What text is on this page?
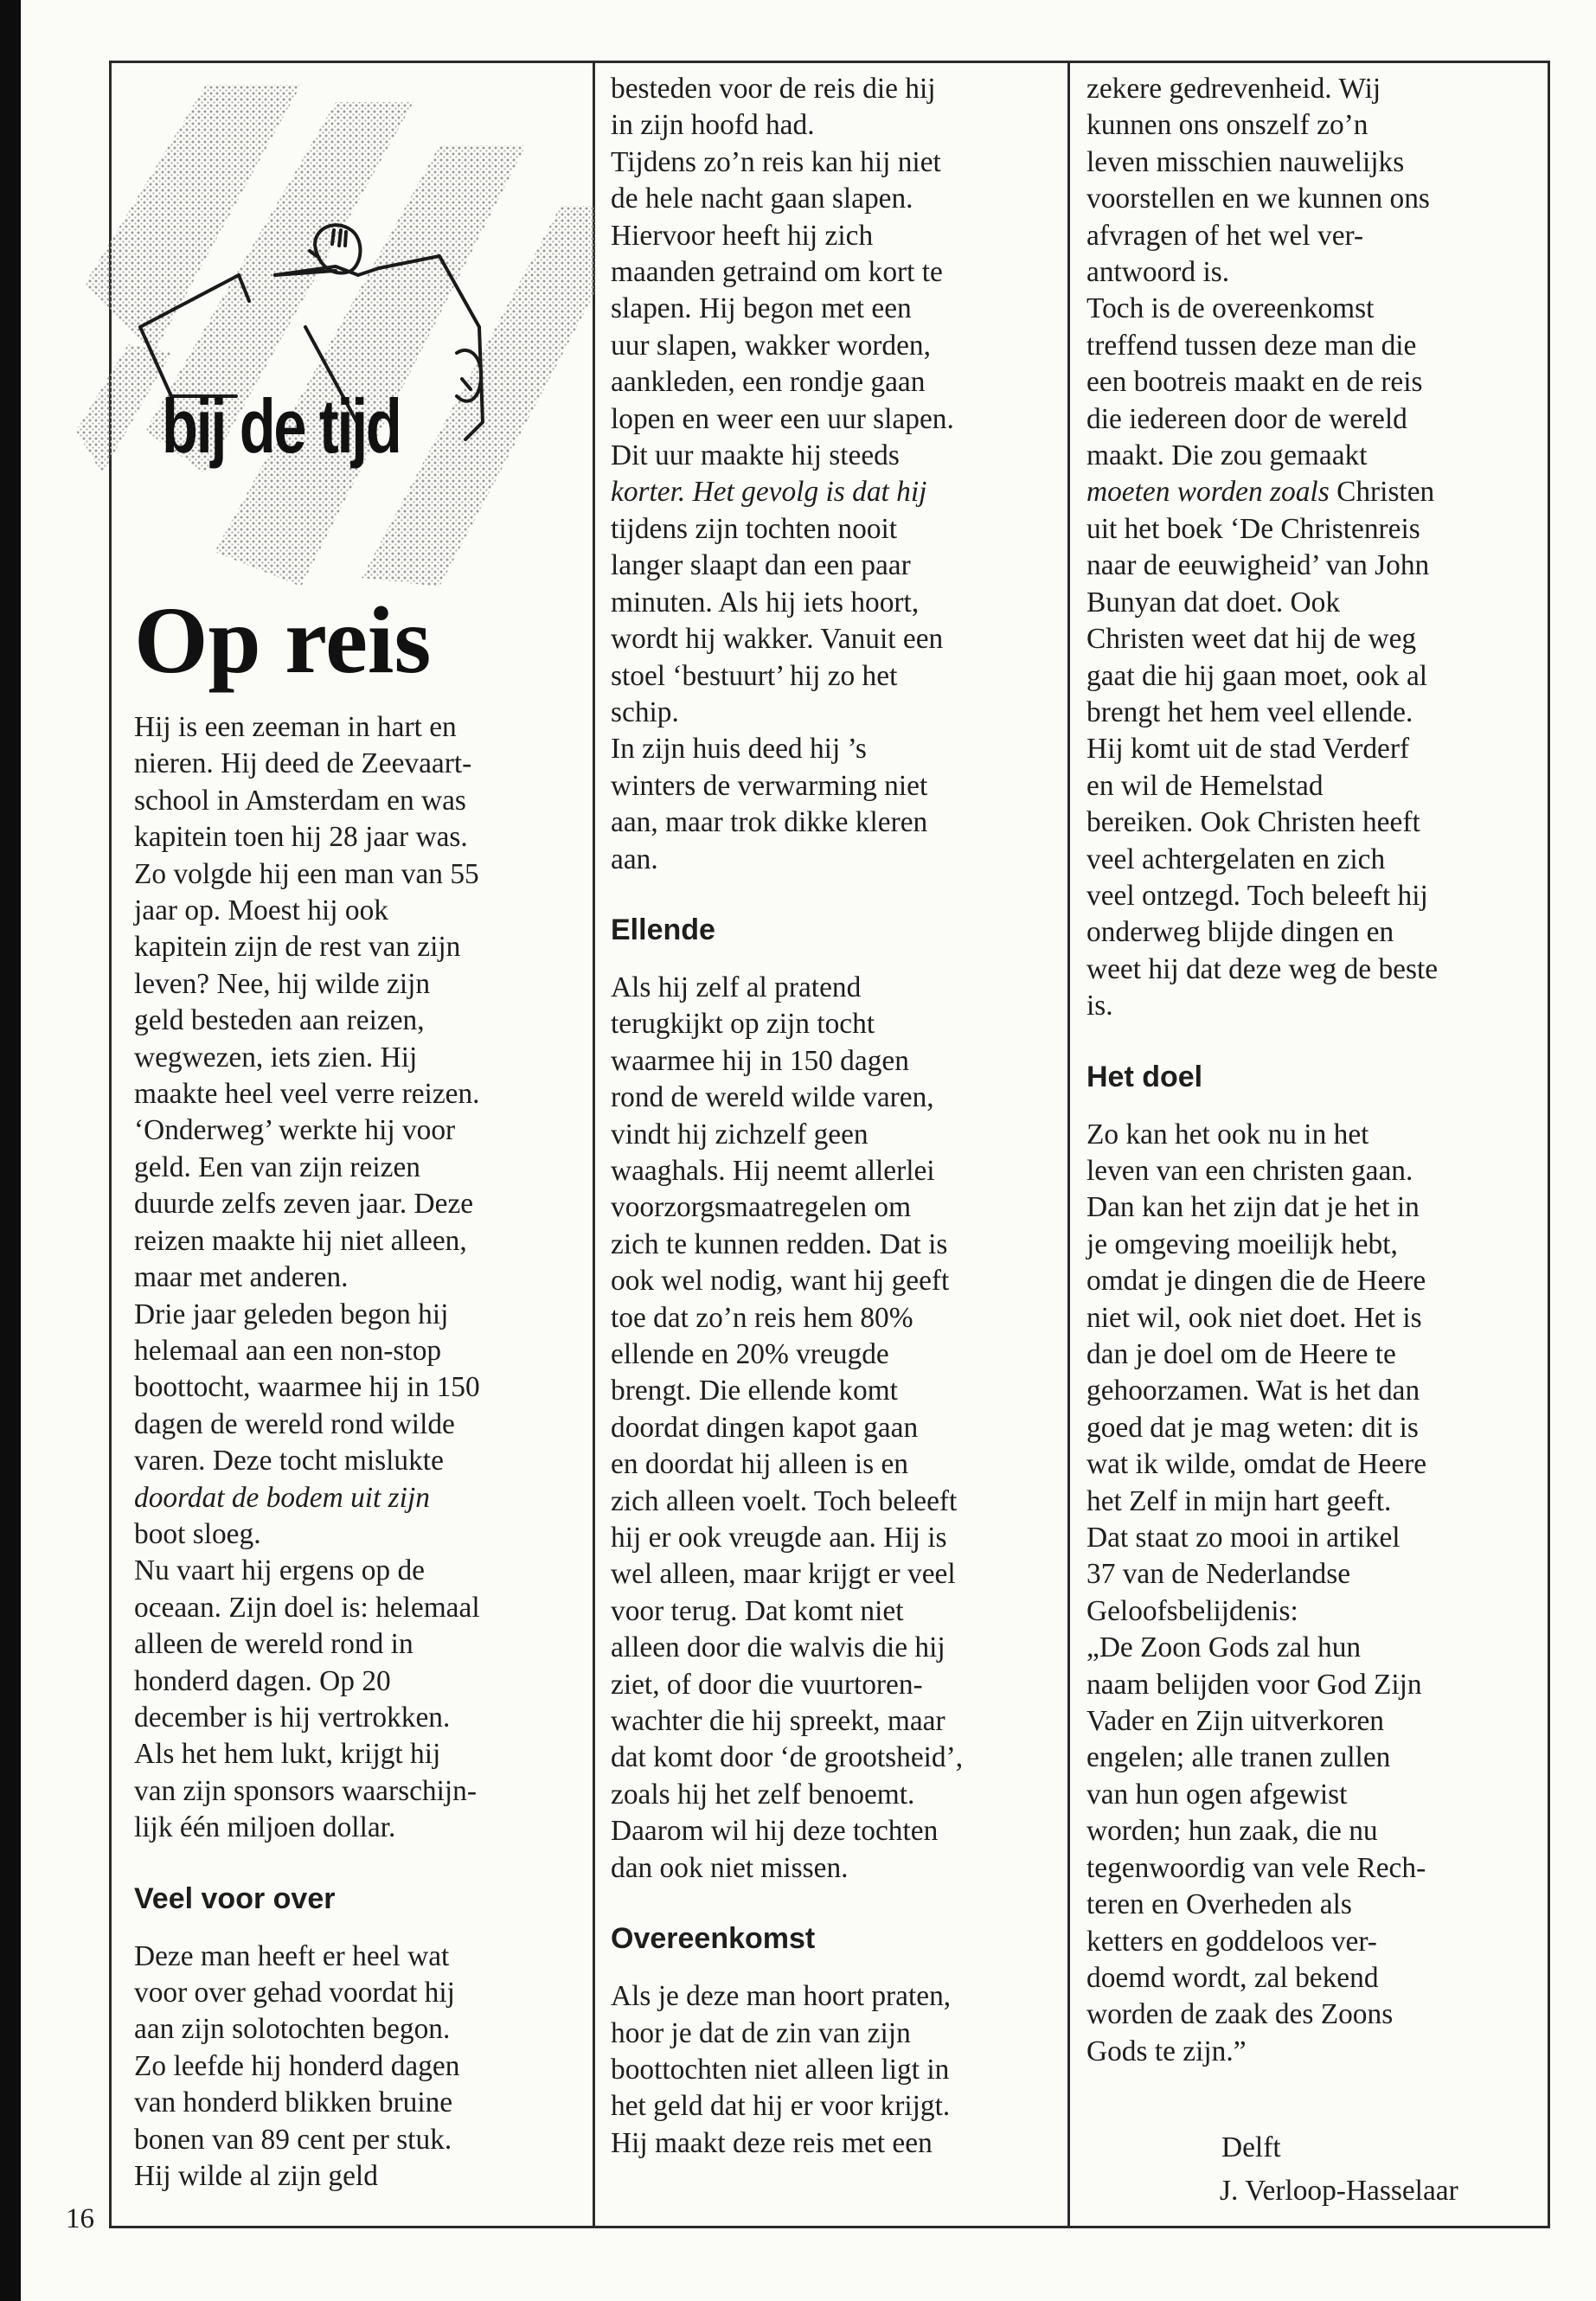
bij de tijd
Op reis

Hij is een zeeman in hart en
nieren. Hij deed de Zeevaart-
school in Amsterdam en was
kapitein toen hij 28 jaar was.
Zo volgde hij een man van 55
jaar op. Moest hij ook
kapitein zijn de rest van zijn
leven? Nee, hij wilde zijn
geld besteden aan reizen,
wegwezen, iets zien. Hij
maakte heel veel verre reizen.
‘Onderweg’ werkte hij voor
geld. Een van zijn reizen
duurde zelfs zeven jaar. Deze
reizen maakte hij niet alleen,
maar met anderen.
Drie jaar geleden begon hij
helemaal aan een non-stop
boottocht, waarmee hij in 150
dagen de wereld rond wilde
varen. Deze tocht mislukte
doordat de bodem uit zijn
boot sloeg.
Nu vaart hij ergens op de
oceaan. Zijn doel is: helemaal
alleen de wereld rond in
honderd dagen. Op 20
december is hij vertrokken.
Als het hem lukt, krijgt hij
van zijn sponsors waarschijn-
lijk één miljoen dollar.

Veel voor over

Deze man heeft er heel wat
voor over gehad voordat hij
aan zijn solotochten begon.
Zo leefde hij honderd dagen
van honderd blikken bruine
bonen van 89 cent per stuk.
Hij wilde al zijn geld

besteden voor de reis die hij
in zijn hoofd had.
Tijdens zo’n reis kan hij niet
de hele nacht gaan slapen.
Hiervoor heeft hij zich
maanden getraind om kort te
slapen. Hij begon met een
uur slapen, wakker worden,
aankleden, een rondje gaan
lopen en weer een uur slapen.
Dit uur maakte hij steeds
korter. Het gevolg is dat hij
tijdens zijn tochten nooit
langer slaapt dan een paar
minuten. Als hij iets hoort,
wordt hij wakker. Vanuit een
stoel ‘bestuurt’ hij zo het
schip.
In zijn huis deed hij ’s
winters de verwarming niet
aan, maar trok dikke kleren
aan.

Ellende

Als hij zelf al pratend
terugkijkt op zijn tocht
waarmee hij in 150 dagen
rond de wereld wilde varen,
vindt hij zichzelf geen
waaghals. Hij neemt allerlei
voorzorgsmaatregelen om
zich te kunnen redden. Dat is
ook wel nodig, want hij geeft
toe dat zo’n reis hem 80%
ellende en 20% vreugde
brengt. Die ellende komt
doordat dingen kapot gaan
en doordat hij alleen is en
zich alleen voelt. Toch beleeft
hij er ook vreugde aan. Hij is
wel alleen, maar krijgt er veel
voor terug. Dat komt niet
alleen door die walvis die hij
ziet, of door die vuurtoren-
wachter die hij spreekt, maar
dat komt door ‘de grootsheid’,
zoals hij het zelf benoemt.
Daarom wil hij deze tochten
dan ook niet missen.

Overeenkomst

Als je deze man hoort praten,
hoor je dat de zin van zijn
boottochten niet alleen ligt in
het geld dat hij er voor krijgt.
Hij maakt deze reis met een

zekere gedrevenheid. Wij
kunnen ons onszelf zo’n
leven misschien nauwelijks
voorstellen en we kunnen ons
afvragen of het wel ver-
antwoord is.
Toch is de overeenkomst
treffend tussen deze man die
een bootreis maakt en de reis
die iedereen door de wereld
maakt. Die zou gemaakt
moeten worden zoals Christen
uit het boek ‘De Christenreis
naar de eeuwigheid’ van John
Bunyan dat doet. Ook
Christen weet dat hij de weg
gaat die hij gaan moet, ook al
brengt het hem veel ellende.
Hij komt uit de stad Verderf
en wil de Hemelstad
bereiken. Ook Christen heeft
veel achtergelaten en zich
veel ontzegd. Toch beleeft hij
onderweg blijde dingen en
weet hij dat deze weg de beste
is.

Het doel

Zo kan het ook nu in het
leven van een christen gaan.
Dan kan het zijn dat je het in
je omgeving moeilijk hebt,
omdat je dingen die de Heere
niet wil, ook niet doet. Het is
dan je doel om de Heere te
gehoorzamen. Wat is het dan
goed dat je mag weten: dit is
wat ik wilde, omdat de Heere
het Zelf in mijn hart geeft.
Dat staat zo mooi in artikel
37 van de Nederlandse
Geloofsbelijdenis:
„De Zoon Gods zal hun
naam belijden voor God Zijn
Vader en Zijn uitverkoren
engelen; alle tranen zullen
van hun ogen afgewist
worden; hun zaak, die nu
tegenwoordig van vele Rech-
teren en Overheden als
ketters en goddeloos ver-
doemd wordt, zal bekend
worden de zaak des Zoons
Gods te zijn.”

Delft
J. Verloop-Hasselaar
16
